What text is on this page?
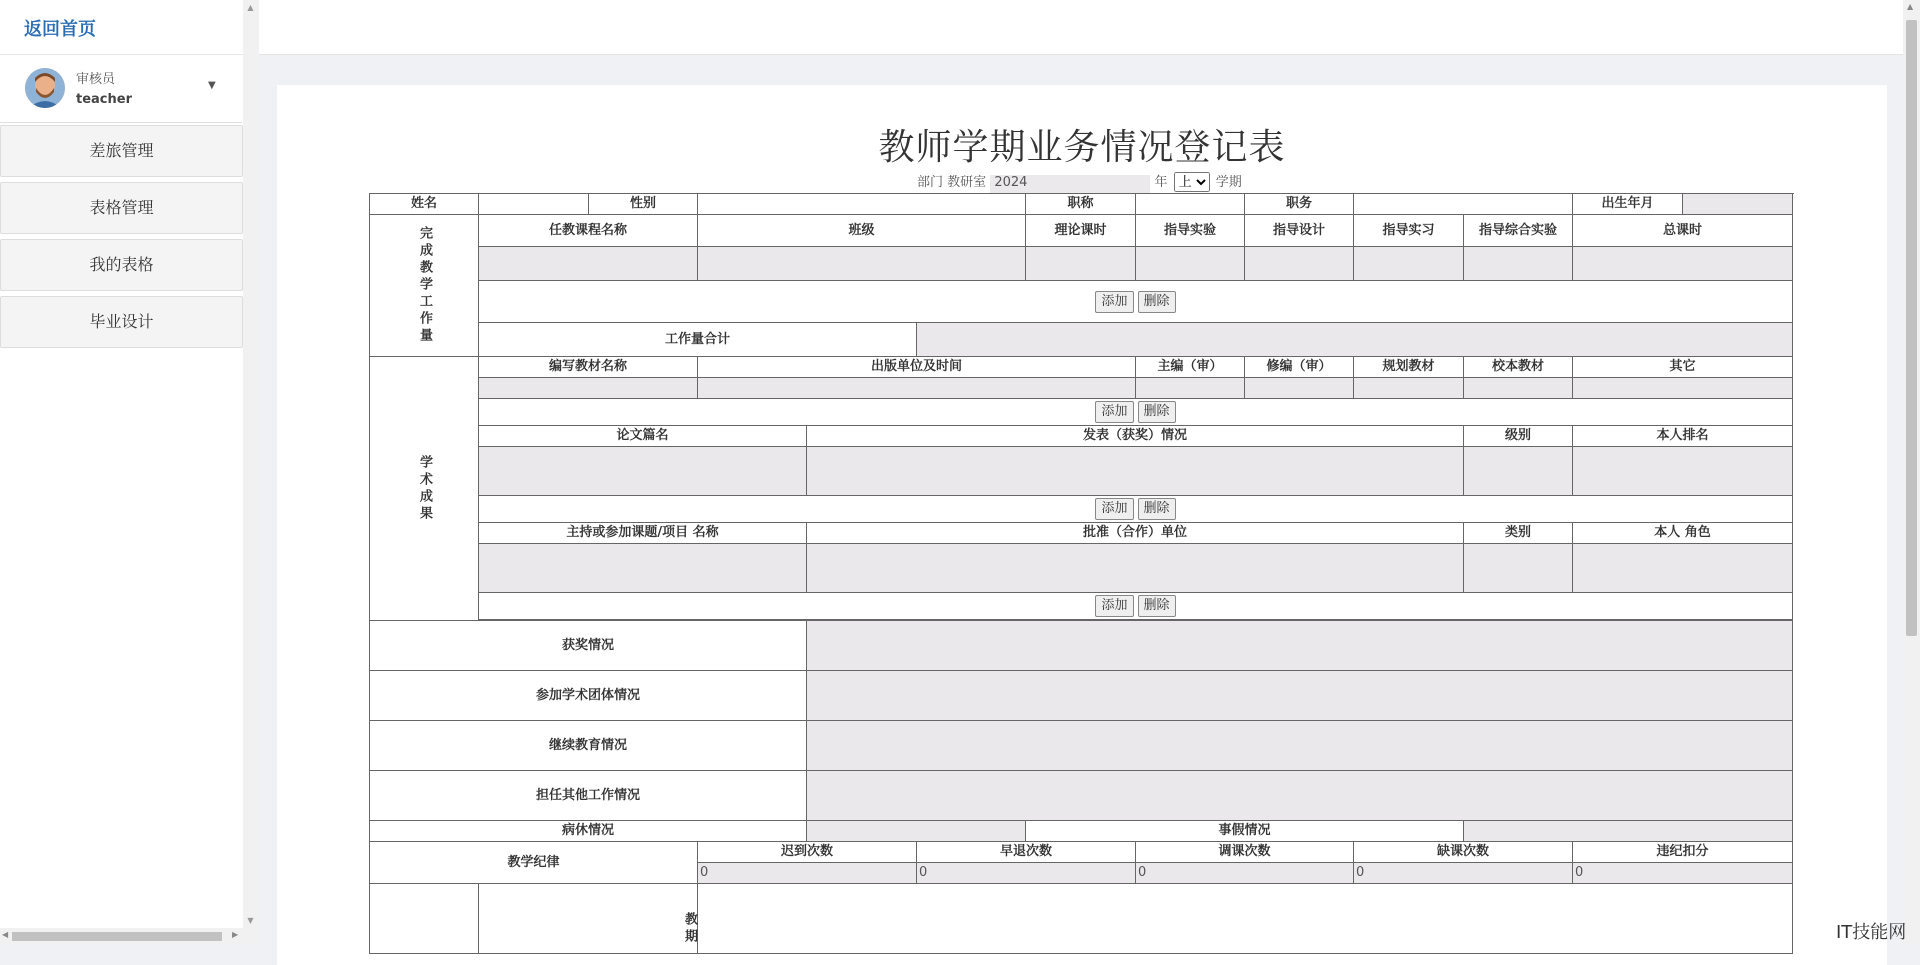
返回首页
审核员
teacher
▼
差旅管理
表格管理
我的表格
毕业设计
▲
▼
◀	▶
教师学期业务情况登记表
部门 教研室 2024	年
上	学期
姓名		性别				职称		职务			出生年月	
完成教学工作量	任教课程名称		班级			理论课时	指导实验	指导设计	指导实习	指导综合实验	总课时	

	添加 删除											
	工作量合计											
学术成果	编写教材名称		出版单位及时间				主编（审）	修编（审）	规划教材	校本教材	其它	

	添加 删除											
	论文篇名			发表（获奖）情况						级别	本人排名	

	添加 删除											
	主持或参加课题/项目 名称			批准（合作）单位						类别	本人 角色	

	添加 删除											

获奖情况												
参加学术团体情况												
继续教育情况												
担任其他工作情况												
病休情况						事假情况						
教学纪律			迟到次数		早退次数		调课次数		缺课次数		违纪扣分	
			0		0		0		0		0	
	教期											
▲
IT技能网
